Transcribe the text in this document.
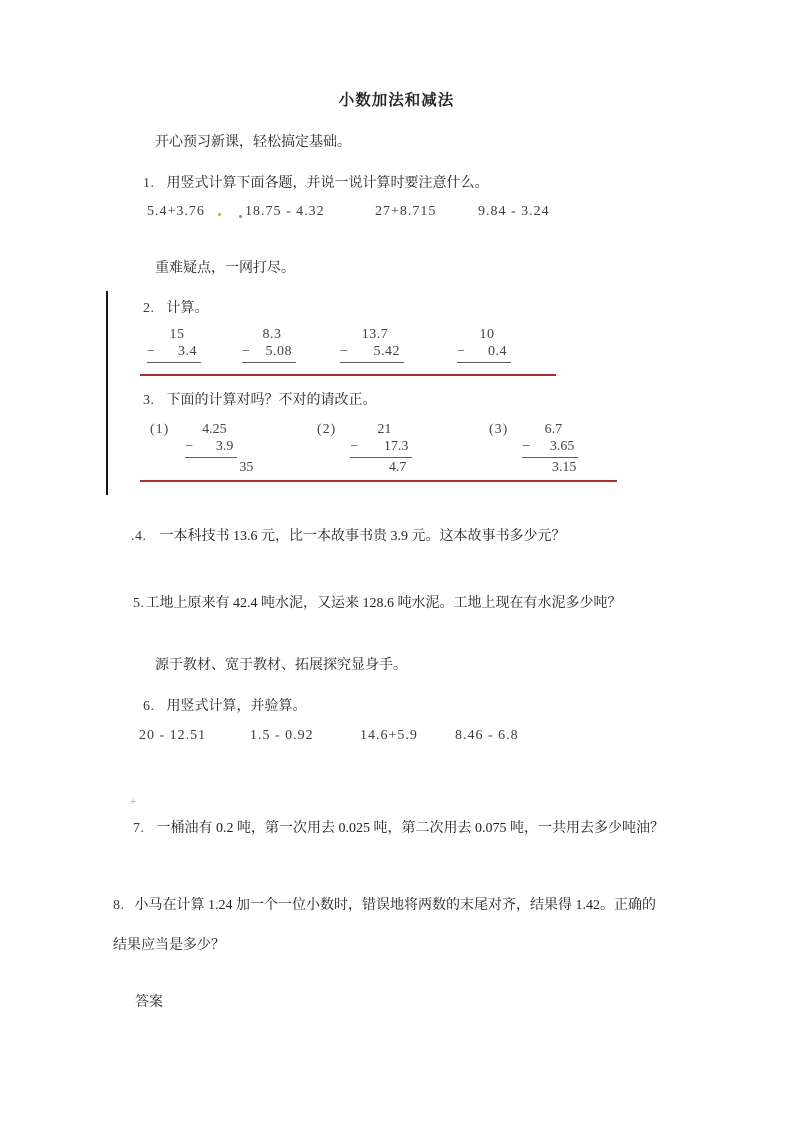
小数加法和减法
开心预习新课，轻松搞定基础。
1. 用竖式计算下面各题，并说一说计算时要注意什么。
5.4+3.76	18.75 - 4.32	27+8.715	9.84 - 3.24
重难疑点，一网打尽。
2. 计算。
15
− 3.4
8.3
− 5.08
13.7
− 5.42
10
− 0.4
3. 下面的计算对吗？不对的请改正。
(1)	4.25
− 3.9
35
(2)	21
− 17.3
4.7
(3)	6.7
− 3.65
3.15
.4. 一本科技书 13.6 元，比一本故事书贵 3.9 元。这本故事书多少元？
5. 工地上原来有 42.4 吨水泥，又运来 128.6 吨水泥。工地上现在有水泥多少吨？
源于教材、宽于教材、拓展探究显身手。
6. 用竖式计算，并验算。
20 - 12.51	1.5 - 0.92	14.6+5.9	8.46 - 6.8
+
7. 一桶油有 0.2 吨，第一次用去 0.025 吨，第二次用去 0.075 吨，一共用去多少吨油？
8. 小马在计算 1.24 加一个一位小数时，错误地将两数的末尾对齐，结果得 1.42。正确的
结果应当是多少？
答案
